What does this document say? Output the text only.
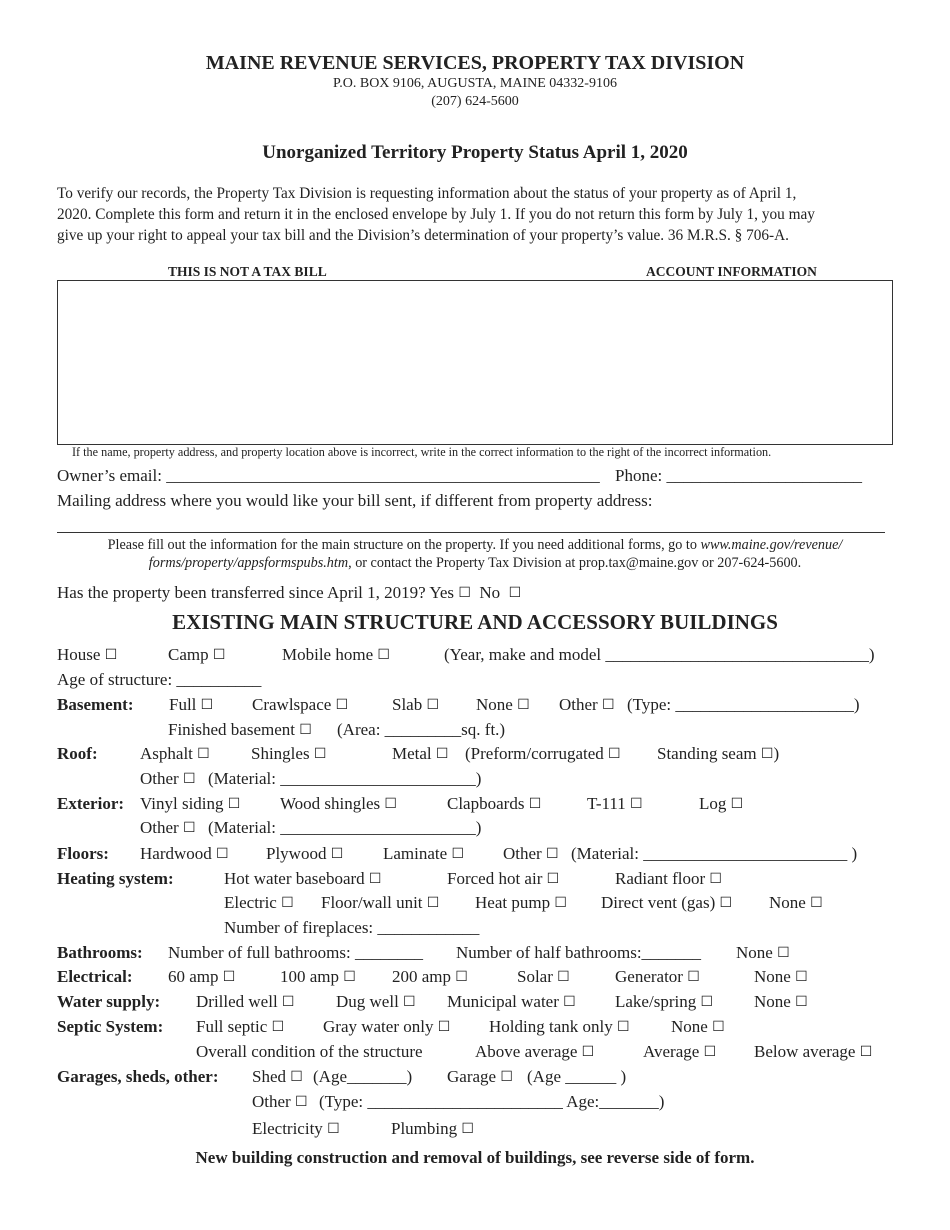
MAINE REVENUE SERVICES, PROPERTY TAX DIVISION
P.O. BOX 9106, AUGUSTA, MAINE 04332-9106
(207) 624-5600
Unorganized Territory Property Status April 1, 2020
To verify our records, the Property Tax Division is requesting information about the status of your property as of April 1,
2020. Complete this form and return it in the enclosed envelope by July 1. If you do not return this form by July 1, you may
give up your right to appeal your tax bill and the Division’s determination of your property’s value. 36 M.R.S. § 706-A.
THIS IS NOT A TAX BILL	ACCOUNT INFORMATION
If the name, property address, and property location above is incorrect, write in the correct information to the right of the incorrect information.
Owner’s email: ___________________________________________________ Phone: _______________________
Mailing address where you would like your bill sent, if different from property address:
Please fill out the information for the main structure on the property. If you need additional forms, go to www.maine.gov/revenue/
forms/property/appsformspubs.htm, or contact the Property Tax Division at prop.tax@maine.gov or 207-624-5600.
Has the property been transferred since April 1, 2019? Yes ☐ No ☐
EXISTING MAIN STRUCTURE AND ACCESSORY BUILDINGS
House ☐	Camp ☐	Mobile home ☐	(Year, make and model _______________________________)
Age of structure: __________
Basement: Full ☐ Crawlspace ☐	Slab ☐ None ☐ Other ☐ (Type: _____________________)
Finished basement ☐ (Area: _________sq. ft.)
Roof: Asphalt ☐ Shingles ☐	Metal ☐ (Preform/corrugated ☐ Standing seam ☐)
Other ☐ (Material: _______________________)
Exterior: Vinyl siding ☐ Wood shingles ☐	Clapboards ☐	T-111 ☐	Log ☐
Other ☐ (Material: _______________________)
Floors: Hardwood ☐ Plywood ☐ Laminate ☐ Other ☐ (Material: ________________________ )
Heating system:	Hot water baseboard ☐	Forced hot air ☐	Radiant floor ☐
Electric ☐ Floor/wall unit ☐ Heat pump ☐ Direct vent (gas) ☐ None ☐
Number of fireplaces: ____________
Bathrooms: Number of full bathrooms: ________ Number of half bathrooms:_______ None ☐
Electrical: 60 amp ☐	100 amp ☐ 200 amp ☐	Solar ☐	Generator ☐	None ☐
Water supply: Drilled well ☐ Dug well ☐ Municipal water ☐ Lake/spring ☐ None ☐
Septic System: Full septic ☐ Gray water only ☐ Holding tank only ☐ None ☐
Overall condition of the structure	Above average ☐	Average ☐ Below average ☐
Garages, sheds, other: Shed ☐ (Age_______) Garage ☐ (Age ______ )
Other ☐ (Type: _______________________ Age:_______)
Electricity ☐	Plumbing ☐
New building construction and removal of buildings, see reverse side of form.
